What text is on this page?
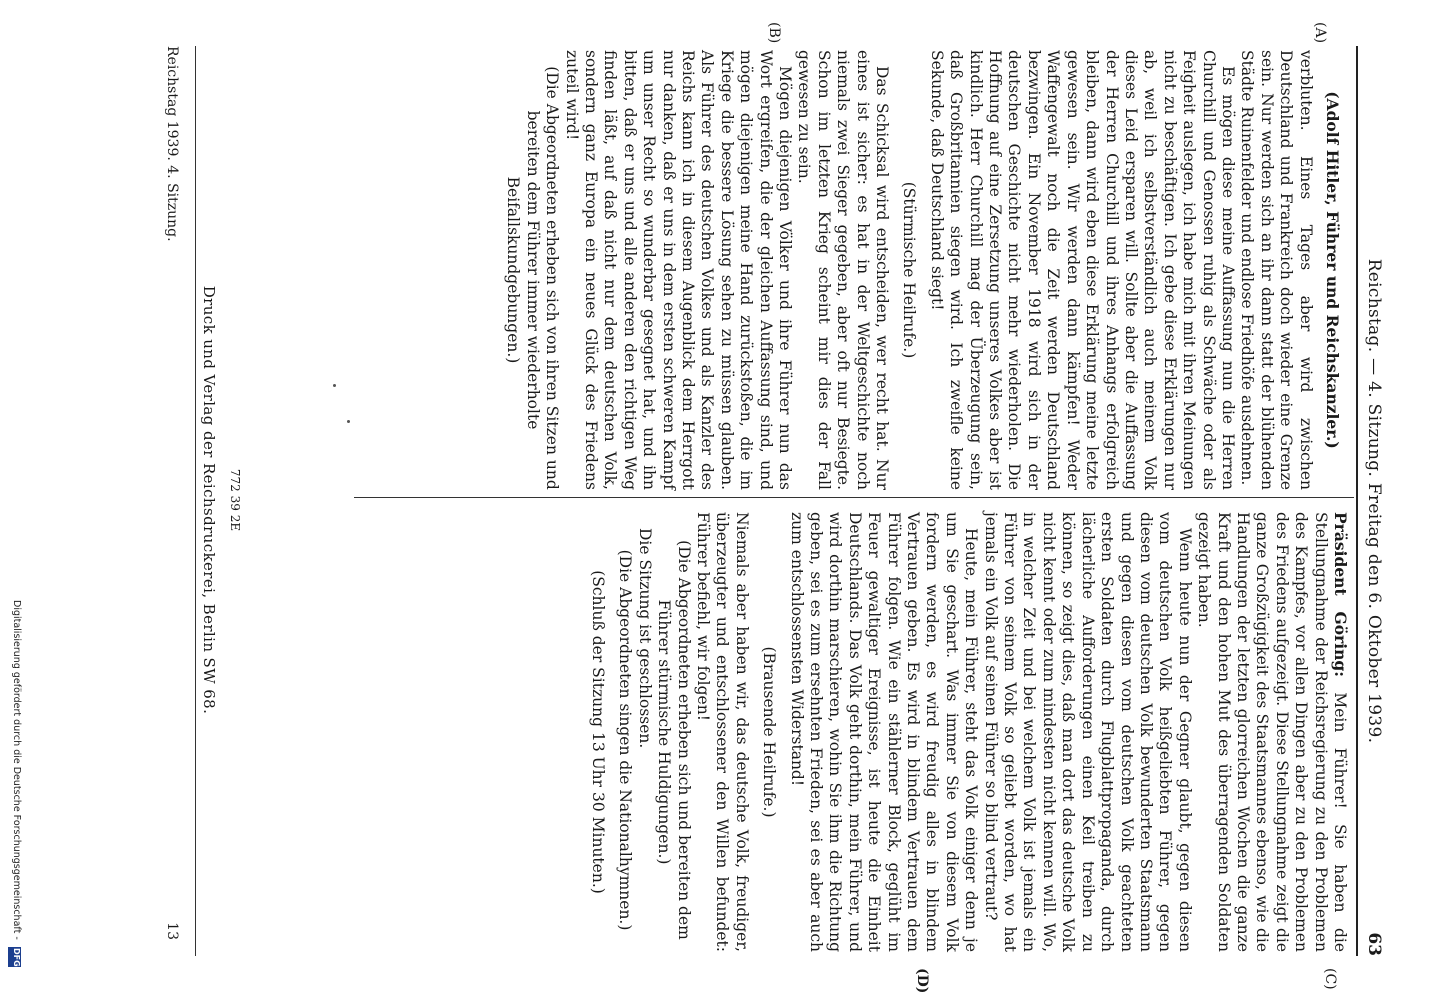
Reichstag. — 4. Sitzung. Freitag den 6. Oktober 1939.
63
(A)
(B)
(C)
(D)

(Adolf Hitler, Führer und Reichskanzler.)

verbluten. Eines Tages aber wird zwischen Deutschland und Frankreich doch wieder eine Grenze sein. Nur werden sich an ihr dann statt der blühenden Städte Ruinenfelder und endlose Friedhöfe ausdehnen.

Es mögen diese meine Auffassung nun die Herren Churchill und Genossen ruhig als Schwäche oder als Feigheit auslegen, ich habe mich mit ihren Meinungen nicht zu beschäftigen. Ich gebe diese Erklärungen nur ab, weil ich selbstverständlich auch meinem Volk dieses Leid ersparen will. Sollte aber die Auffassung der Herren Churchill und ihres Anhangs erfolgreich bleiben, dann wird eben diese Erklärung meine letzte gewesen sein. Wir werden dann kämpfen! Weder Waffengewalt noch die Zeit werden Deutschland bezwingen. Ein November 1918 wird sich in der deutschen Geschichte nicht mehr wiederholen. Die Hoffnung auf eine Zersetzung unseres Volkes aber ist kindlich. Herr Churchill mag der Überzeugung sein, daß Großbritannien siegen wird. Ich zweifle keine Sekunde, daß Deutschland siegt!

(Stürmische Heilrufe.)

Das Schicksal wird entscheiden, wer recht hat. Nur eines ist sicher: es hat in der Weltgeschichte noch niemals zwei Sieger gegeben, aber oft nur Besiegte. Schon im letzten Krieg scheint mir dies der Fall gewesen zu sein.

Mögen diejenigen Völker und ihre Führer nun das Wort ergreifen, die der gleichen Auffassung sind, und mögen diejenigen meine Hand zurückstoßen, die im Kriege die bessere Lösung sehen zu müssen glauben. Als Führer des deutschen Volkes und als Kanzler des Reichs kann ich in diesem Augenblick dem Herrgott nur danken, daß er uns in dem ersten schweren Kampf um unser Recht so wunderbar gesegnet hat, und ihn bitten, daß er uns und alle anderen den richtigen Weg finden läßt, auf daß nicht nur dem deutschen Volk, sondern ganz Europa ein neues Glück des Friedens zuteil wird!

(Die Abgeordneten erheben sich von ihren Sitzen und bereiten dem Führer immer wiederholte Beifallskundgebungen.)

Präsident Göring: Mein Führer! Sie haben die Stellungnahme der Reichsregierung zu den Problemen des Kampfes, vor allen Dingen aber zu den Problemen des Friedens aufgezeigt. Diese Stellungnahme zeigt die ganze Großzügigkeit des Staatsmannes ebenso, wie die Handlungen der letzten glorreichen Wochen die ganze Kraft und den hohen Mut des überragenden Soldaten gezeigt haben.

Wenn heute nun der Gegner glaubt, gegen diesen vom deutschen Volk heißgeliebten Führer, gegen diesen vom deutschen Volk bewunderten Staatsmann und gegen diesen vom deutschen Volk geachteten ersten Soldaten durch Flugblattpropaganda, durch lächerliche Aufforderungen einen Keil treiben zu können, so zeigt dies, daß man dort das deutsche Volk nicht kennt oder zum mindesten nicht kennen will. Wo, in welcher Zeit und bei welchem Volk ist jemals ein Führer von seinem Volk so geliebt worden, wo hat jemals ein Volk auf seinen Führer so blind vertraut?

Heute, mein Führer, steht das Volk einiger denn je um Sie geschart. Was immer Sie von diesem Volk fordern werden, es wird freudig alles in blindem Vertrauen geben. Es wird in blindem Vertrauen dem Führer folgen. Wie ein stählerner Block, geglüht im Feuer gewaltiger Ereignisse, ist heute die Einheit Deutschlands. Das Volk geht dorthin, mein Führer, und wird dorthin marschieren, wohin Sie ihm die Richtung geben, sei es zum ersehnten Frieden, sei es aber auch zum entschlossensten Widerstand!

(Brausende Heilrufe.)

Niemals aber haben wir, das deutsche Volk, freudiger, überzeugter und entschlossener den Willen befundet: Führer befiehl, wir folgen!

(Die Abgeordneten erheben sich und bereiten dem Führer stürmische Huldigungen.)

Die Sitzung ist geschlossen.

(Die Abgeordneten singen die Nationalhymnen.)

(Schluß der Sitzung 13 Uhr 30 Minuten.)

772 39 2E
Druck und Verlag der Reichsdruckerei, Berlin SW 68.
Reichstag 1939. 4. Sitzung.
13
Digitalisierung gefördert durch die Deutsche Forschungsgemeinschaft - DFG
